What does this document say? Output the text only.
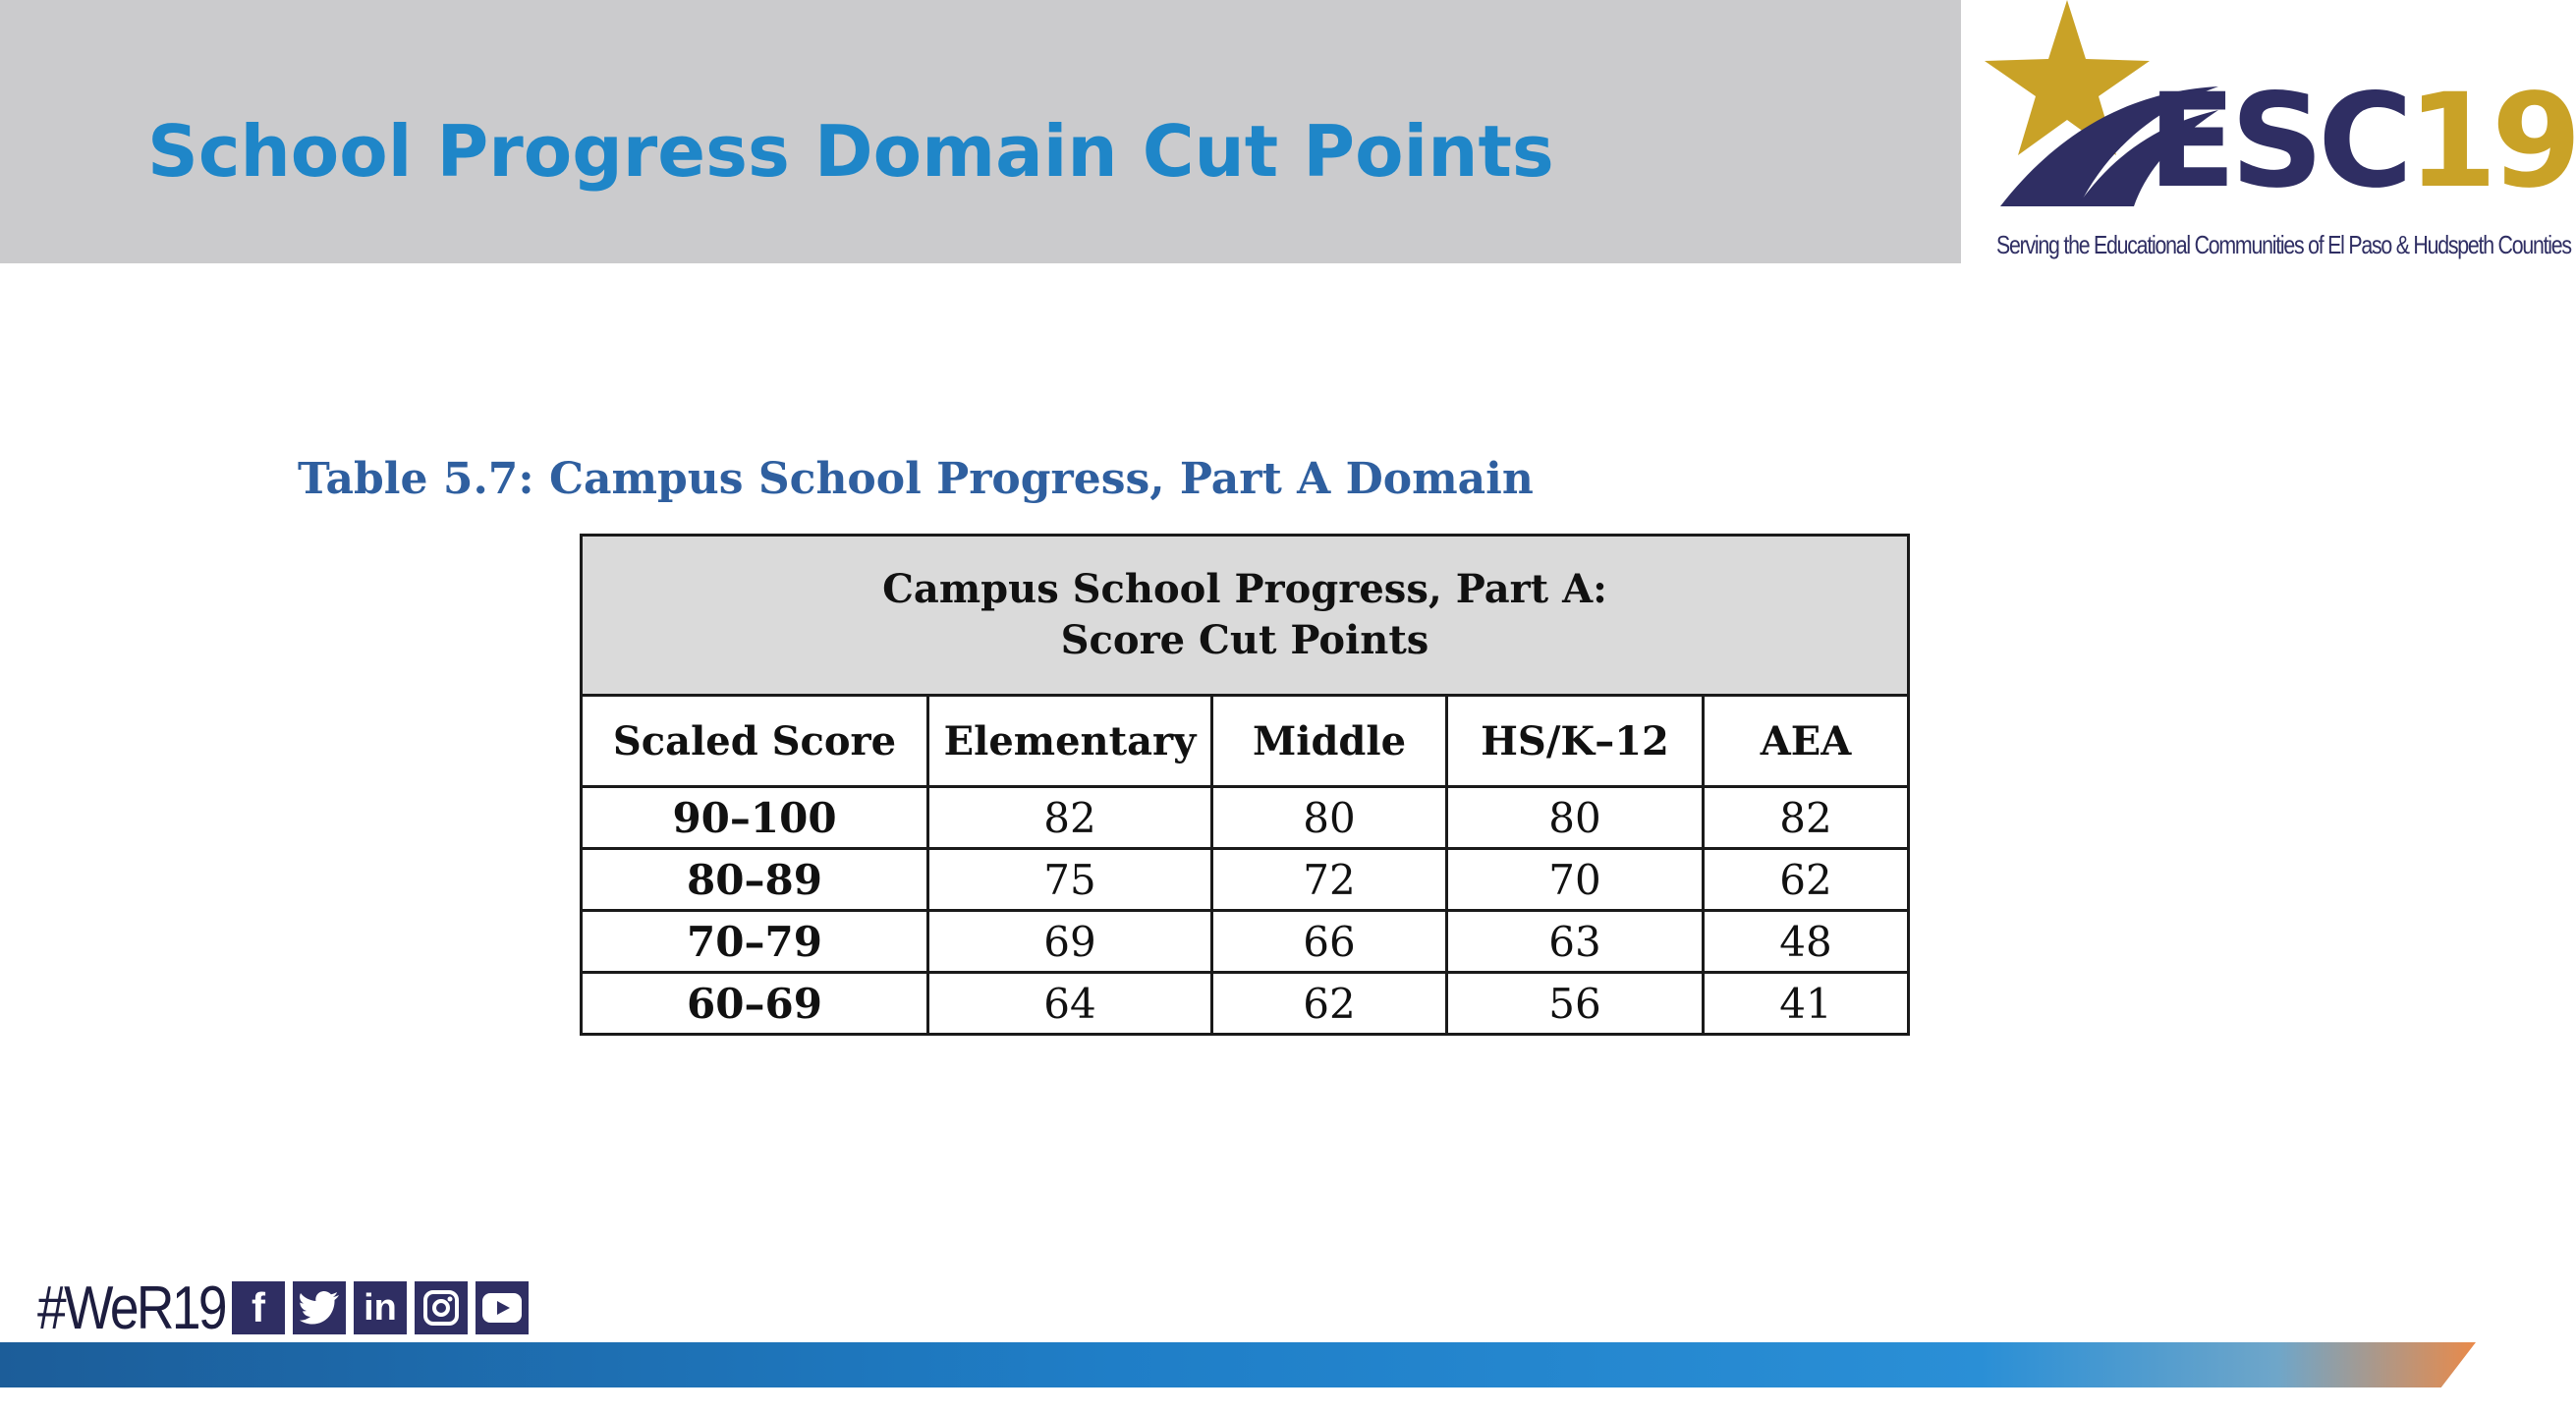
School Progress Domain Cut Points	ESC19
Serving the Educational Communities of El Paso & Hudspeth Counties
Table 5.7: Campus School Progress, Part A Domain
Campus School Progress, Part A:
Score Cut Points				
Scaled Score	Elementary	Middle	HS/K–12	AEA
90–100	82	80	80	82
80–89	75	72	70	62
70–79	69	66	63	48
60–69	64	62	56	41
#WeR19 f	in
